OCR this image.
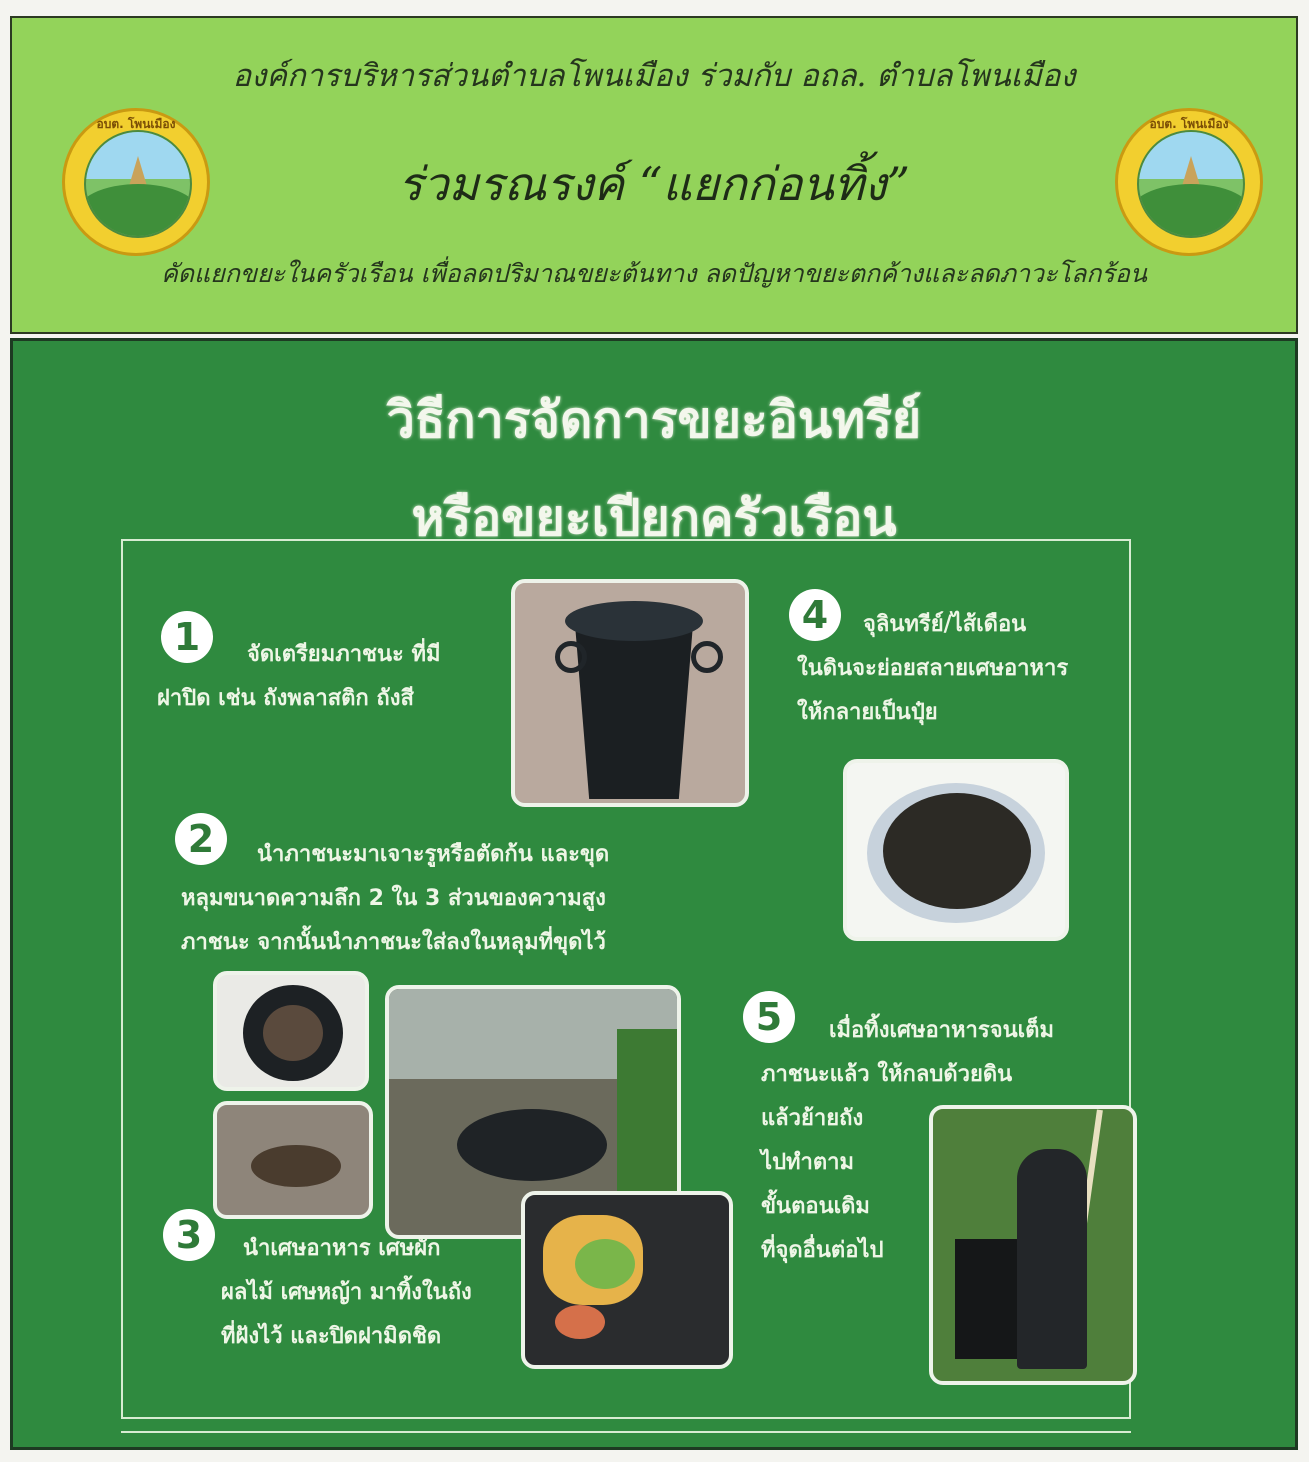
องค์การบริหารส่วนตำบลโพนเมือง ร่วมกับ อถล. ตำบลโพนเมือง
ร่วมรณรงค์ “แยกก่อนทิ้ง”
คัดแยกขยะในครัวเรือน เพื่อลดปริมาณขยะต้นทาง ลดปัญหาขยะตกค้างและลดภาวะโลกร้อน
อบต. โพนเมือง	อบต. โพนเมือง
วิธีการจัดการขยะอินทรีย์
หรือขยะเปียกครัวเรือน
1	จัดเตรียมภาชนะ ที่มี
ฝาปิด เช่น ถังพลาสติก ถังสี
4	จุลินทรีย์/ไส้เดือน
ในดินจะย่อยสลายเศษอาหาร
ให้กลายเป็นปุ๋ย
2	นำภาชนะมาเจาะรูหรือตัดก้น และขุด
หลุมขนาดความลึก 2 ใน 3 ส่วนของความสูง
ภาชนะ จากนั้นนำภาชนะใส่ลงในหลุมที่ขุดไว้
5	เมื่อทิ้งเศษอาหารจนเต็ม
ภาชนะแล้ว ให้กลบด้วยดิน
แล้วย้ายถัง
ไปทำตาม
ขั้นตอนเดิม
ที่จุดอื่นต่อไป
3	นำเศษอาหาร เศษผัก
ผลไม้ เศษหญ้า มาทิ้งในถัง
ที่ฝังไว้ และปิดฝามิดชิด
